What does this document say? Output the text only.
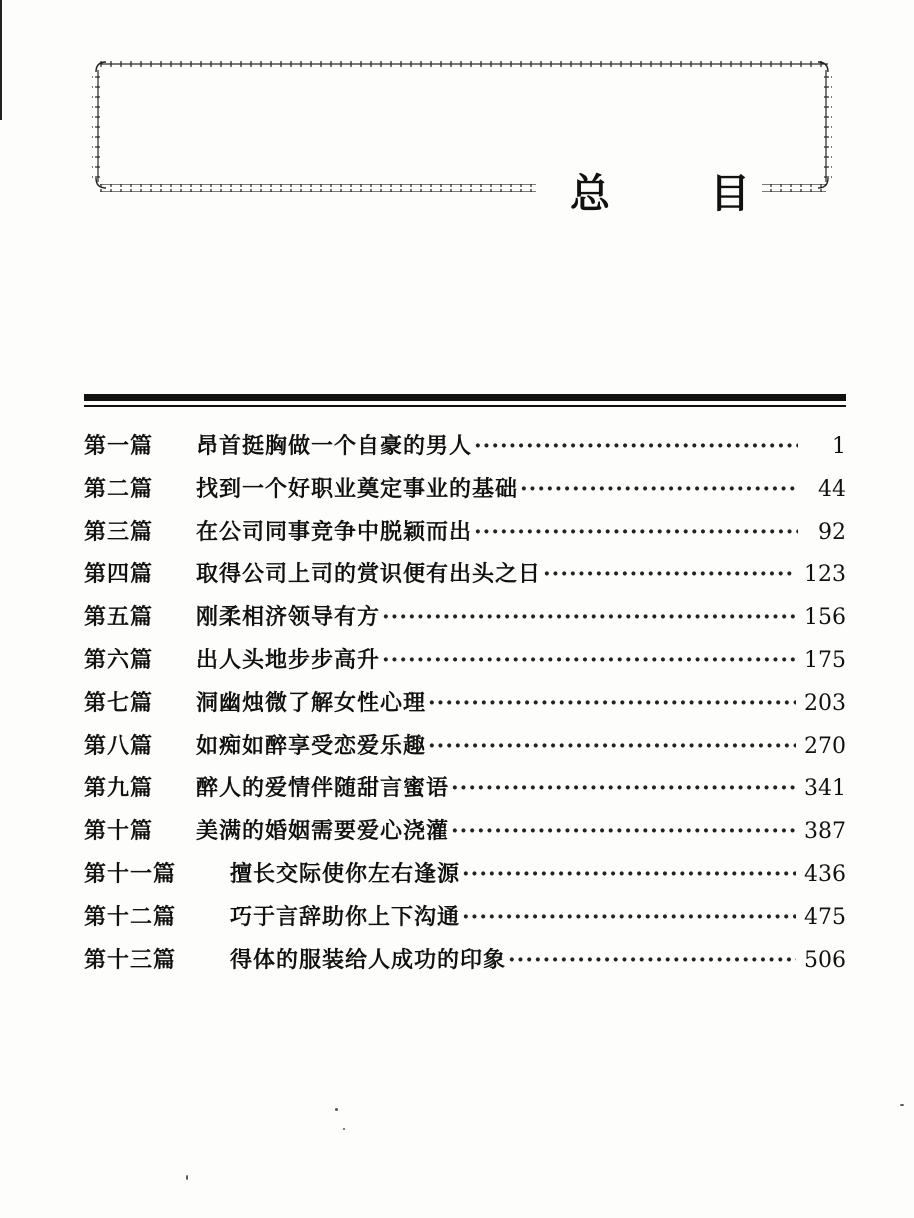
总	目
第一篇	昂首挺胸做一个自豪的男人 ·····	1
第二篇	找到一个好职业奠定事业的基础 ·····	44
第三篇	在公司同事竞争中脱颖而出 ·····	92
第四篇	取得公司上司的赏识便有出头之日 ·····	123
第五篇	刚柔相济领导有方 ·····	156
第六篇	出人头地步步高升 ·····	175
第七篇	洞幽烛微了解女性心理 ·····	203
第八篇	如痴如醉享受恋爱乐趣 ·····	270
第九篇	醉人的爱情伴随甜言蜜语 ·····	341
第十篇	美满的婚姻需要爱心浇灌 ·····	387
第十一篇	擅长交际使你左右逢源 ·····	436
第十二篇	巧于言辞助你上下沟通 ·····	475
第十三篇	得体的服装给人成功的印象 ·····	506
